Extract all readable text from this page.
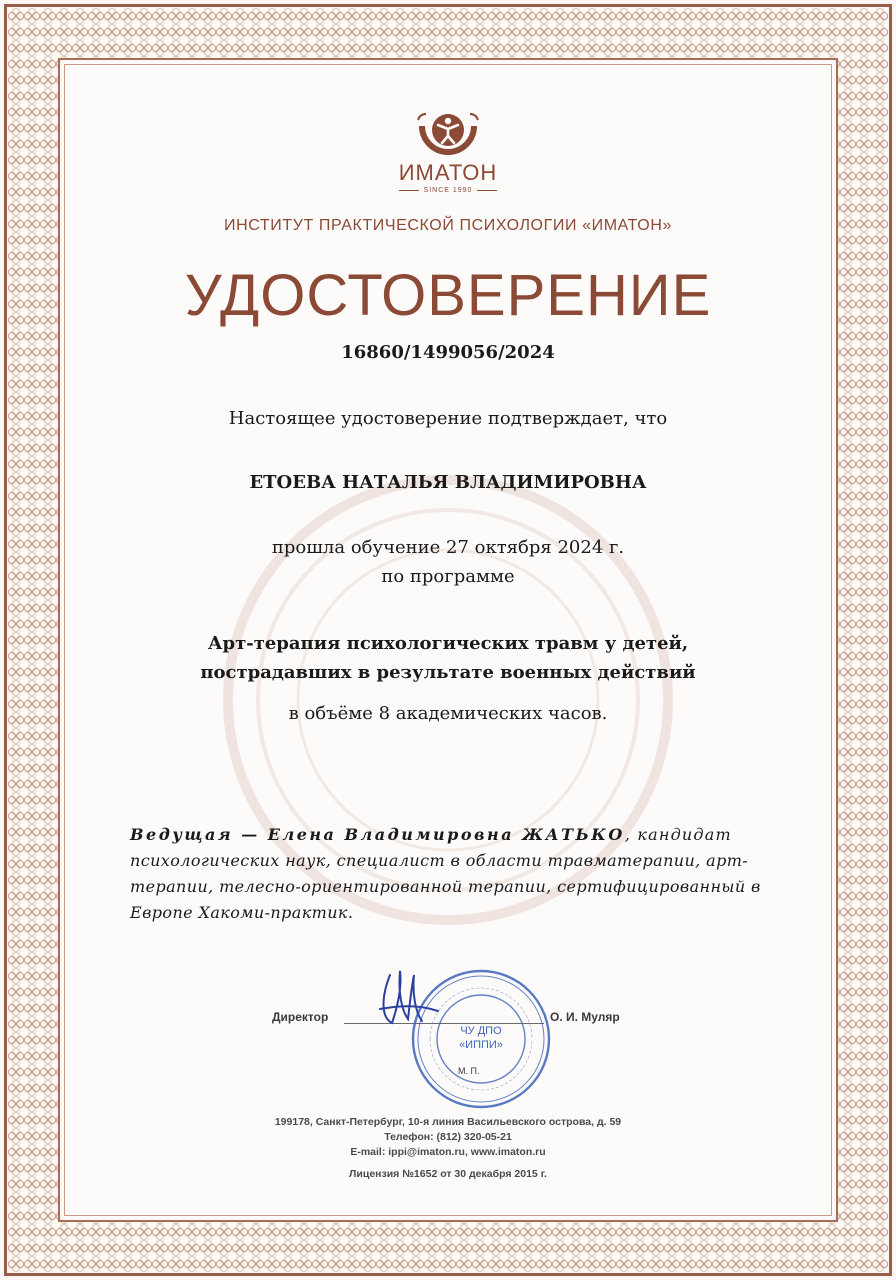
ИМАТОН
SINCE 1990
ИНСТИТУТ ПРАКТИЧЕСКОЙ ПСИХОЛОГИИ «ИМАТОН»
УДОСТОВЕРЕНИЕ
16860/1499056/2024
Настоящее удостоверение подтверждает, что
ЕТОЕВА НАТАЛЬЯ ВЛАДИМИРОВНА
прошла обучение 27 октября 2024 г.
по программе
Арт-терапия психологических травм у детей,
пострадавших в результате военных действий
в объёме 8 академических часов.
Ведущая — Елена Владимировна ЖАТЬКО, кандидат
психологических наук, специалист в области травматерапии, арт-
терапии, телесно-ориентированной терапии, сертифицированный в
Европе Хакоми-практик.
Директор	О. И. Муляр
ЧУ ДПО
«ИППИ»
М. П.
199178, Санкт-Петербург, 10-я линия Васильевского острова, д. 59
Телефон: (812) 320-05-21
E-mail: ippi@imaton.ru, www.imaton.ru
Лицензия №1652 от 30 декабря 2015 г.
